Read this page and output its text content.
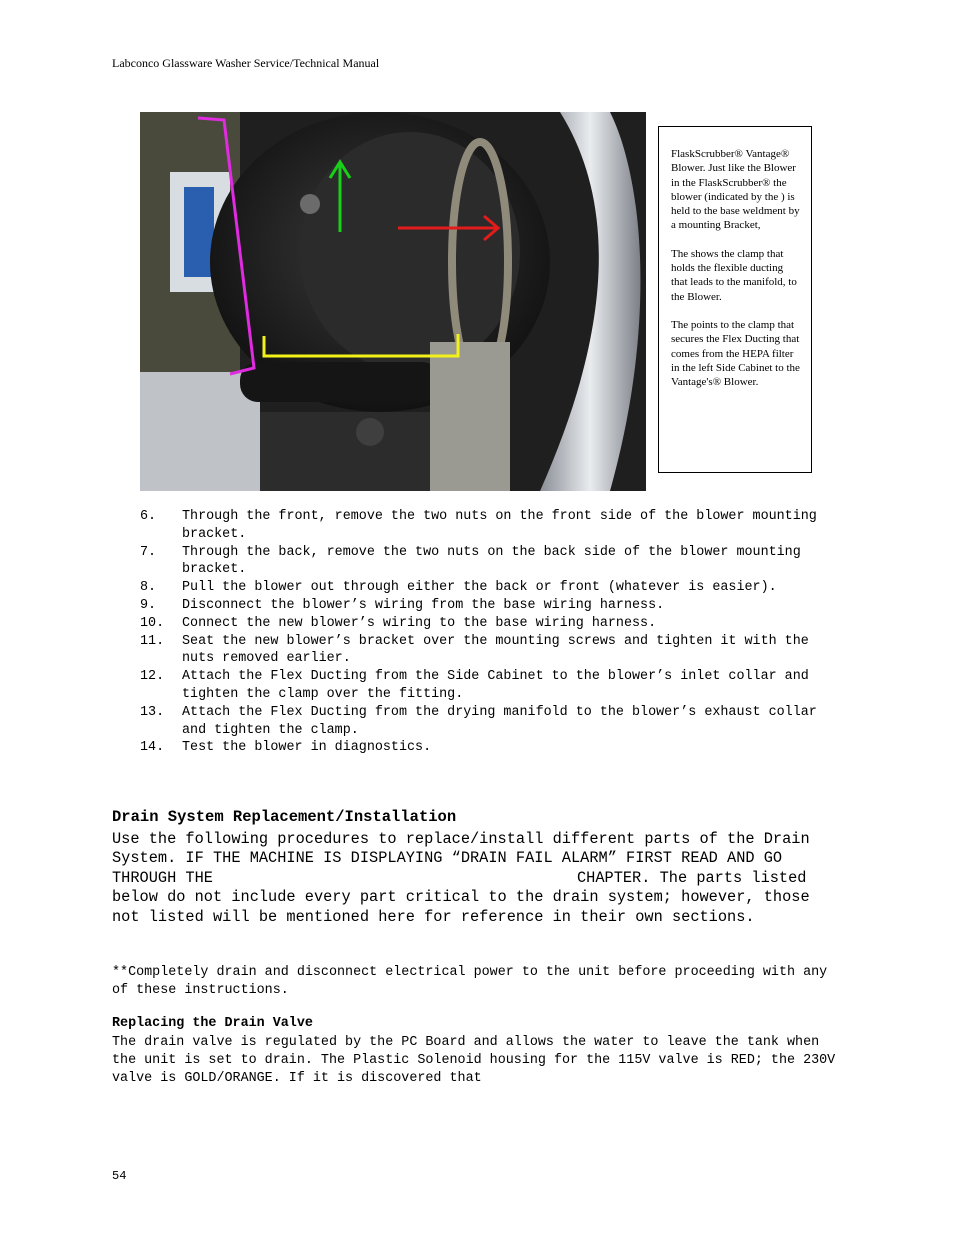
Labconco Glassware Washer Service/Technical Manual

FlaskScrubber® Vantage® Blower. Just like the Blower in the FlaskScrubber® the blower (indicated by the ) is held to the base weldment by a mounting Bracket,

The shows the clamp that holds the flexible ducting that leads to the manifold, to the Blower.

The points to the clamp that secures the Flex Ducting that comes from the HEPA filter in the left Side Cabinet to the Vantage's® Blower.

6.	Through the front, remove the two nuts on the front side of the blower mounting bracket.
7.	Through the back, remove the two nuts on the back side of the blower mounting bracket.
8.	Pull the blower out through either the back or front (whatever is easier).
9.	Disconnect the blower’s wiring from the base wiring harness.
10.	Connect the new blower’s wiring to the base wiring harness.
11.	Seat the new blower’s bracket over the mounting screws and tighten it with the nuts removed earlier.
12.	Attach the Flex Ducting from the Side Cabinet to the blower’s inlet collar and tighten the clamp over the fitting.
13.	Attach the Flex Ducting from the drying manifold to the blower’s exhaust collar and tighten the clamp.
14.	Test the blower in diagnostics.
Drain System Replacement/Installation
Use the following procedures to replace/install different parts of the Drain System. IF THE MACHINE IS DISPLAYING “DRAIN FAIL ALARM” FIRST READ AND GO THROUGH THE	CHAPTER. The parts listed below do not include every part critical to the drain system; however, those not listed will be mentioned here for reference in their own sections.
**Completely drain and disconnect electrical power to the unit before proceeding with any of these instructions.
Replacing the Drain Valve
The drain valve is regulated by the PC Board and allows the water to leave the tank when the unit is set to drain. The Plastic Solenoid housing for the 115V valve is RED; the 230V valve is GOLD/ORANGE. If it is discovered that
54
